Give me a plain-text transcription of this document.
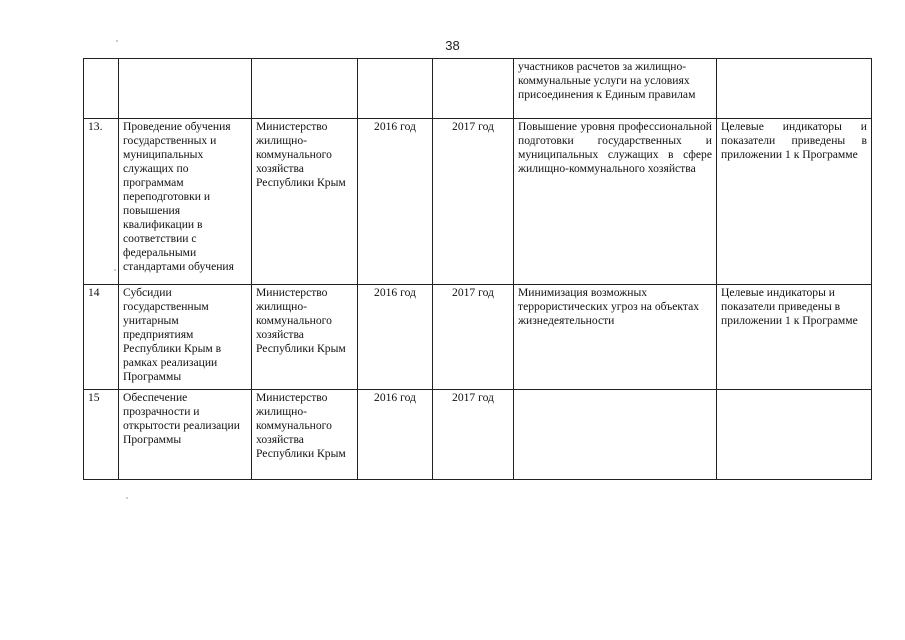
38
					участников расчетов за жилищно-коммунальные услуги на условиях присоединения к Единым правилам	
13.	Проведение обучения государственных и муниципальных служащих по программам переподготовки и повышения квалификации в соответствии с федеральными стандартами обучения	Министерство жилищно-коммунального хозяйства Республики Крым	2016 год	2017 год	Повышение уровня профессиональной подготовки государственных и муниципальных служащих в сфере жилищно-коммунального хозяйства	Целевые индикаторы и показатели приведены в приложении 1 к Программе
14	Субсидии государственным унитарным предприятиям Республики Крым в рамках реализации Программы	Министерство жилищно-коммунального хозяйства Республики Крым	2016 год	2017 год	Минимизация возможных террористических угроз на объектах жизнедеятельности	Целевые индикаторы и показатели приведены в приложении 1 к Программе
15	Обеспечение прозрачности и открытости реализации Программы	Министерство жилищно-коммунального хозяйства Республики Крым	2016 год	2017 год		
